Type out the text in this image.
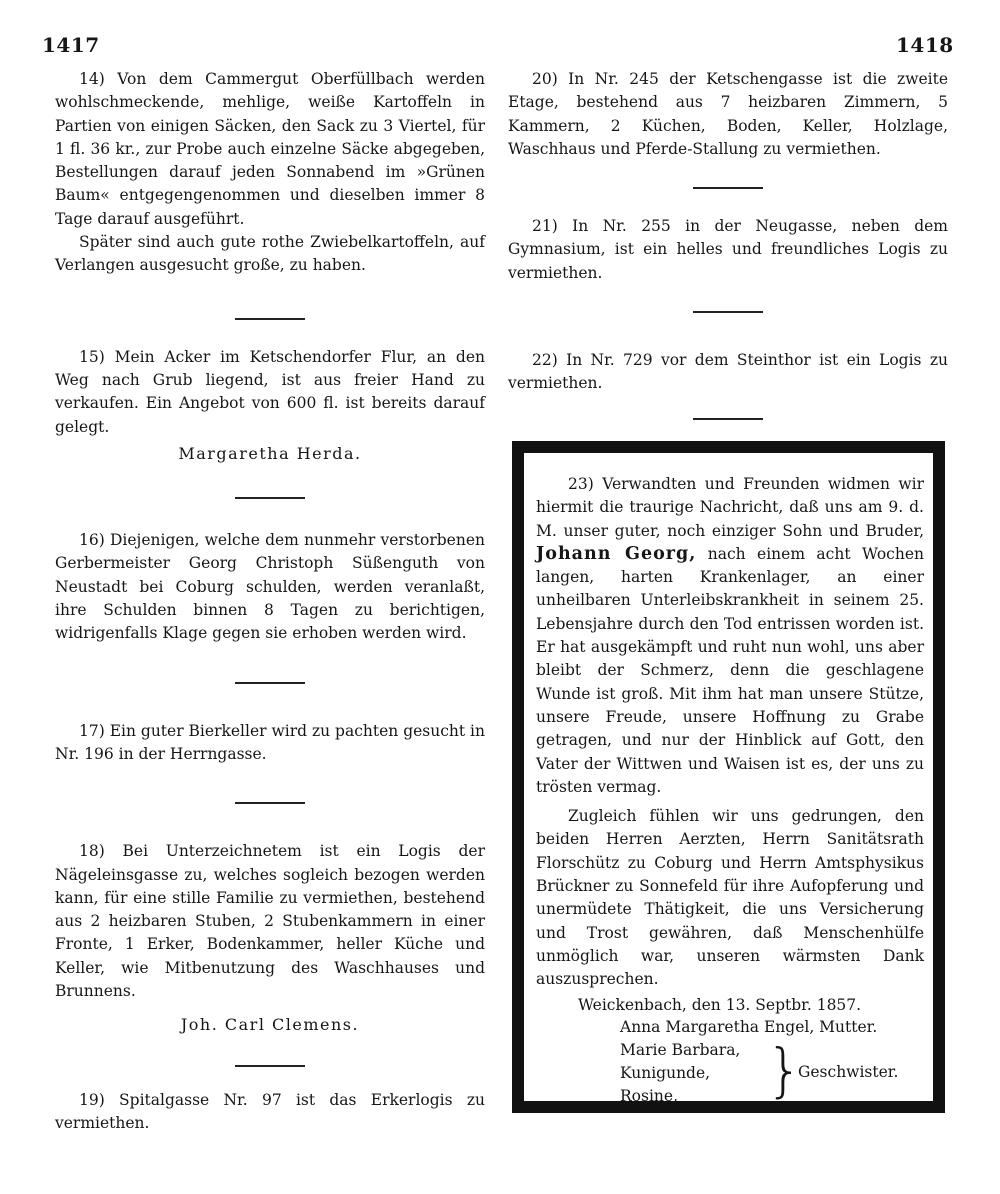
1417	1418

14) Von dem Cammergut Oberfüllbach werden wohlschmeckende, mehlige, weiße Kartoffeln in Partien von einigen Säcken, den Sack zu 3 Viertel, für 1 fl. 36 kr., zur Probe auch einzelne Säcke abgegeben, Bestellungen darauf jeden Sonnabend im »Grünen Baum« entgegengenommen und dieselben immer 8 Tage darauf ausgeführt.

Später sind auch gute rothe Zwiebelkartoffeln, auf Verlangen ausgesucht große, zu haben.

15) Mein Acker im Ketschendorfer Flur, an den Weg nach Grub liegend, ist aus freier Hand zu verkaufen. Ein Angebot von 600 fl. ist bereits darauf gelegt.

Margaretha Herda.

16) Diejenigen, welche dem nunmehr verstorbenen Gerbermeister Georg Christoph Süßenguth von Neustadt bei Coburg schulden, werden veranlaßt, ihre Schulden binnen 8 Tagen zu berichtigen, widrigenfalls Klage gegen sie erhoben werden wird.

17) Ein guter Bierkeller wird zu pachten gesucht in Nr. 196 in der Herrngasse.

18) Bei Unterzeichnetem ist ein Logis der Nägeleinsgasse zu, welches sogleich bezogen werden kann, für eine stille Familie zu vermiethen, bestehend aus 2 heizbaren Stuben, 2 Stubenkammern in einer Fronte, 1 Erker, Bodenkammer, heller Küche und Keller, wie Mitbenutzung des Waschhauses und Brunnens.

Joh. Carl Clemens.

19) Spitalgasse Nr. 97 ist das Erkerlogis zu vermiethen.

20) In Nr. 245 der Ketschengasse ist die zweite Etage, bestehend aus 7 heizbaren Zimmern, 5 Kammern, 2 Küchen, Boden, Keller, Holzlage, Waschhaus und Pferde-Stallung zu vermiethen.

21) In Nr. 255 in der Neugasse, neben dem Gymnasium, ist ein helles und freundliches Logis zu vermiethen.

22) In Nr. 729 vor dem Steinthor ist ein Logis zu vermiethen.

23) Verwandten und Freunden widmen wir hiermit die traurige Nachricht, daß uns am 9. d. M. unser guter, noch einziger Sohn und Bruder, Johann Georg, nach einem acht Wochen langen, harten Krankenlager, an einer unheilbaren Unterleibskrankheit in seinem 25. Lebensjahre durch den Tod entrissen worden ist. Er hat ausgekämpft und ruht nun wohl, uns aber bleibt der Schmerz, denn die geschlagene Wunde ist groß. Mit ihm hat man unsere Stütze, unsere Freude, unsere Hoffnung zu Grabe getragen, und nur der Hinblick auf Gott, den Vater der Wittwen und Waisen ist es, der uns zu trösten vermag.

Zugleich fühlen wir uns gedrungen, den beiden Herren Aerzten, Herrn Sanitätsrath Florschütz zu Coburg und Herrn Amtsphysikus Brückner zu Sonnefeld für ihre Aufopferung und unermüdete Thätigkeit, die uns Versicherung und Trost gewähren, daß Menschenhülfe unmöglich war, unseren wärmsten Dank auszusprechen.

Weickenbach, den 13. Septbr. 1857.

Anna Margaretha Engel, Mutter.
Marie Barbara,
Kunigunde,
Rosine,	}
Geschwister.
